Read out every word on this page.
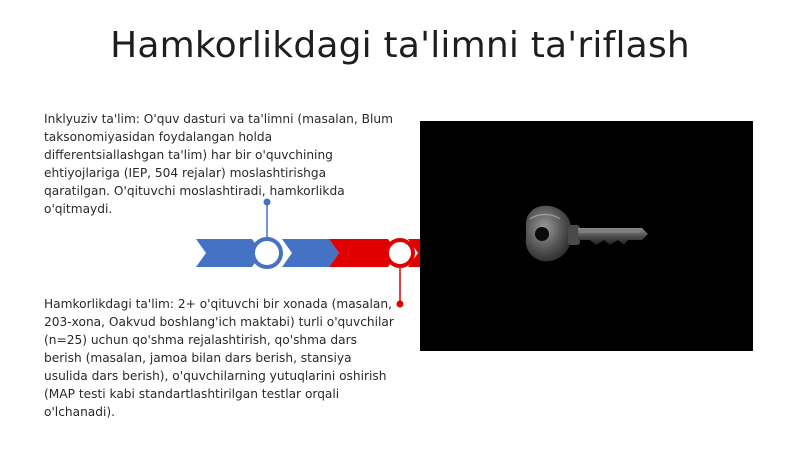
Hamkorlikdagi ta'limni ta'riflash
Inklyuziv ta'lim: O'quv dasturi va ta'limni (masalan, Blum taksonomiyasidan foydalangan holda differentsiallashgan ta'lim) har bir o'quvchining ehtiyojlariga (IEP, 504 rejalar) moslashtirishga qaratilgan. O'qituvchi moslashtiradi, hamkorlikda o'qitmaydi.
Hamkorlikdagi ta'lim: 2+ o'qituvchi bir xonada (masalan, 203-xona, Oakvud boshlang'ich maktabi) turli o'quvchilar (n=25) uchun qo'shma rejalashtirish, qo'shma dars berish (masalan, jamoa bilan dars berish, stansiya usulida dars berish), o'quvchilarning yutuqlarini oshirish (MAP testi kabi standartlashtirilgan testlar orqali o'lchanadi).
